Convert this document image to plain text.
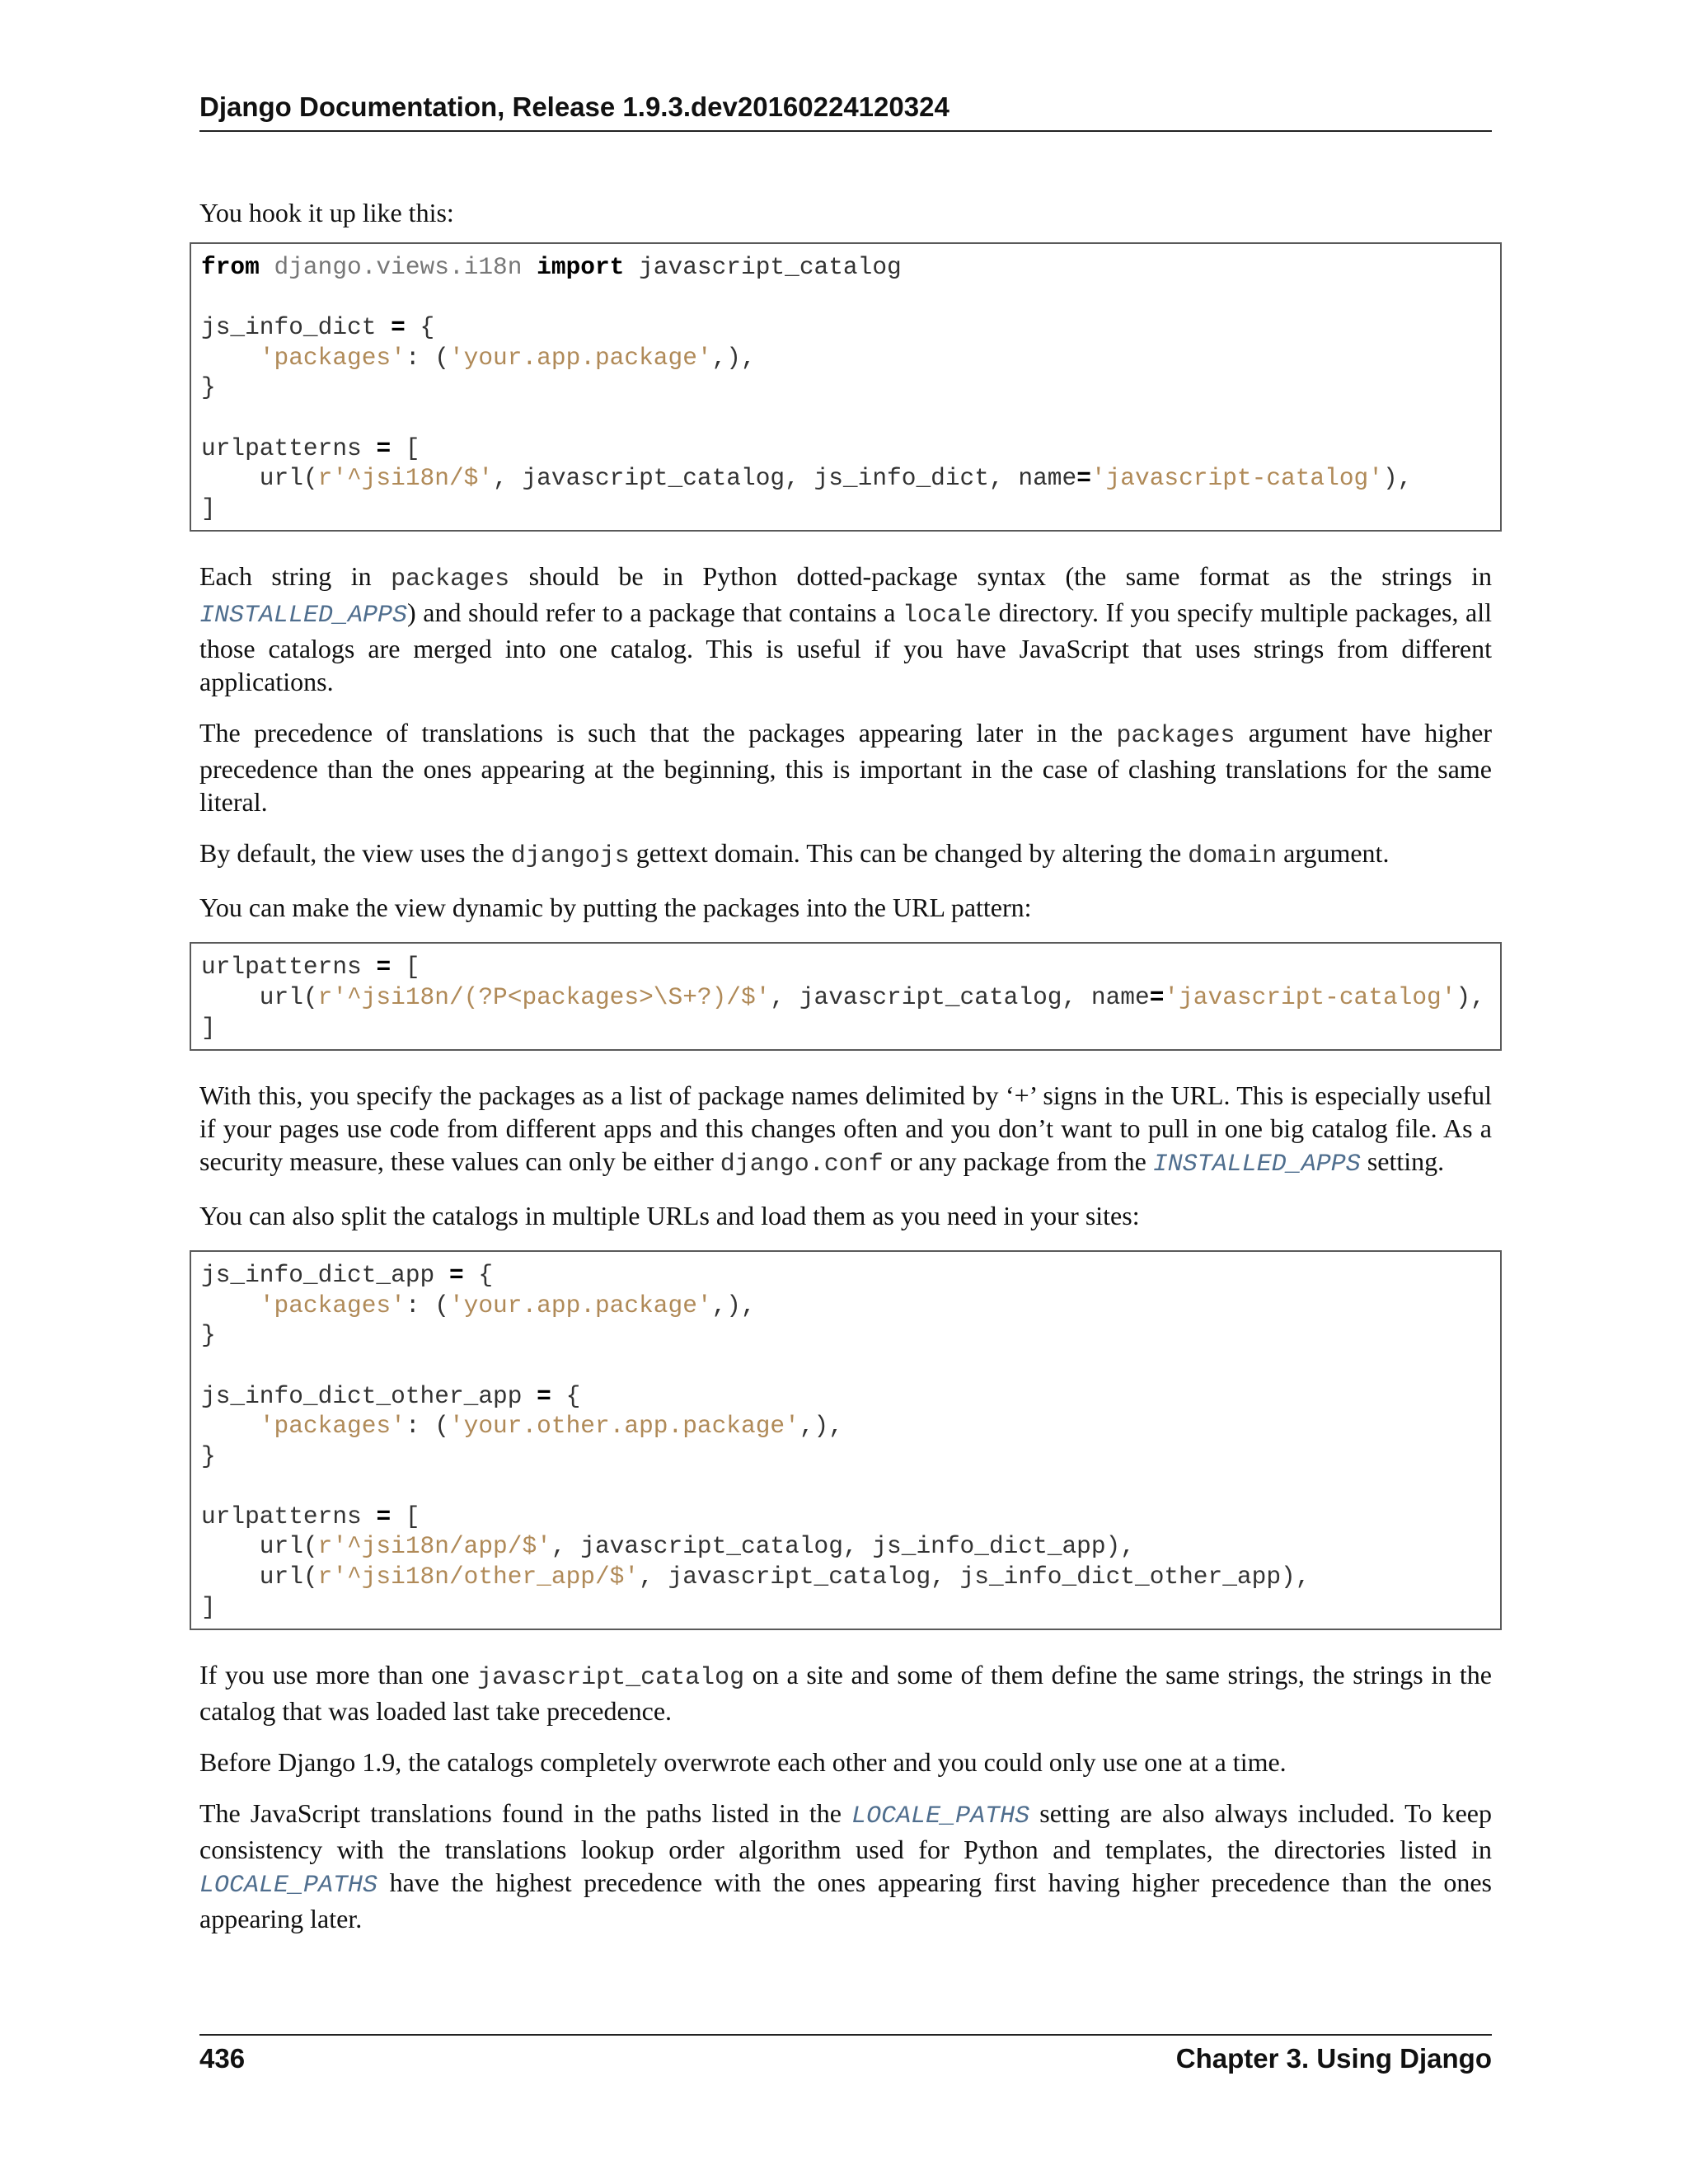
Django Documentation, Release 1.9.3.dev20160224120324

You hook it up like this:

from django.views.i18n import javascript_catalog
js_info_dict = {
'packages': ('your.app.package',),
}
urlpatterns = [
url(r'^jsi18n/$', javascript_catalog, js_info_dict, name='javascript-catalog'),
]

Each string in packages should be in Python dotted-package syntax (the same format as the strings in INSTALLED_APPS) and should refer to a package that contains a locale directory. If you specify multiple packages, all those catalogs are merged into one catalog. This is useful if you have JavaScript that uses strings from different applications.

The precedence of translations is such that the packages appearing later in the packages argument have higher precedence than the ones appearing at the beginning, this is important in the case of clashing translations for the same literal.

By default, the view uses the djangojs gettext domain. This can be changed by altering the domain argument.

You can make the view dynamic by putting the packages into the URL pattern:

urlpatterns = [
url(r'^jsi18n/(?P<packages>\S+?)/$', javascript_catalog, name='javascript-catalog'),
]

With this, you specify the packages as a list of package names delimited by ‘+’ signs in the URL. This is especially useful if your pages use code from different apps and this changes often and you don’t want to pull in one big catalog file. As a security measure, these values can only be either django.conf or any package from the INSTALLED_APPS setting.

You can also split the catalogs in multiple URLs and load them as you need in your sites:

js_info_dict_app = {
'packages': ('your.app.package',),
}
js_info_dict_other_app = {
'packages': ('your.other.app.package',),
}
urlpatterns = [
url(r'^jsi18n/app/$', javascript_catalog, js_info_dict_app),
url(r'^jsi18n/other_app/$', javascript_catalog, js_info_dict_other_app),
]

If you use more than one javascript_catalog on a site and some of them define the same strings, the strings in the catalog that was loaded last take precedence.

Before Django 1.9, the catalogs completely overwrote each other and you could only use one at a time.

The JavaScript translations found in the paths listed in the LOCALE_PATHS setting are also always included. To keep consistency with the translations lookup order algorithm used for Python and templates, the directories listed in LOCALE_PATHS have the highest precedence with the ones appearing first having higher precedence than the ones appearing later.

436	Chapter 3. Using Django
